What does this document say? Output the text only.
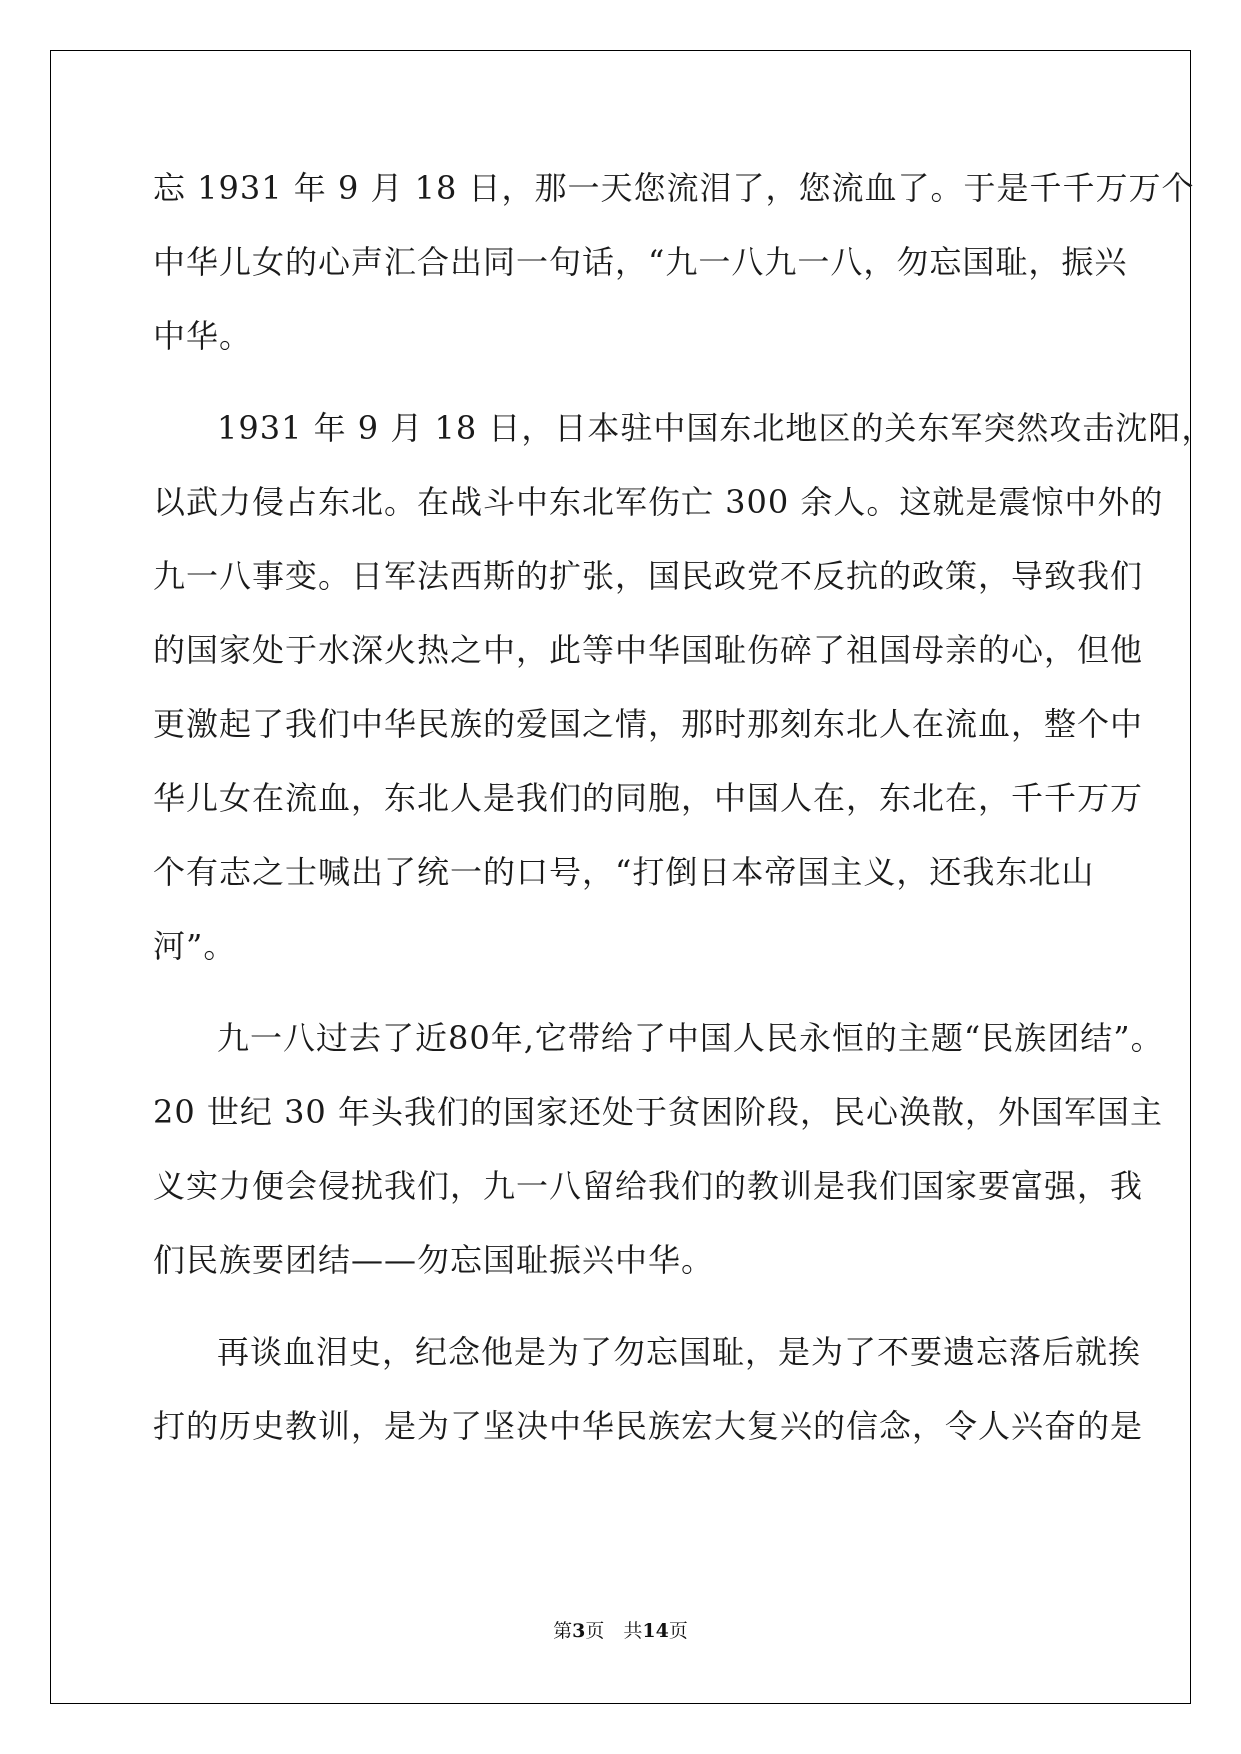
忘 1931 年 9 月 18 日，那一天您流泪了，您流血了。于是千千万万个
中华儿女的心声汇合出同一句话，“九一八九一八，勿忘国耻，振兴
中华。
1931 年 9 月 18 日，日本驻中国东北地区的关东军突然攻击沈阳，
以武力侵占东北。在战斗中东北军伤亡 300 余人。这就是震惊中外的
九一八事变。日军法西斯的扩张，国民政党不反抗的政策，导致我们
的国家处于水深火热之中，此等中华国耻伤碎了祖国母亲的心，但他
更激起了我们中华民族的爱国之情，那时那刻东北人在流血，整个中
华儿女在流血，东北人是我们的同胞，中国人在，东北在，千千万万
个有志之士喊出了统一的口号，“打倒日本帝国主义，还我东北山
河”。
九一八过去了近80年,它带给了中国人民永恒的主题“民族团结”。
20 世纪 30 年头我们的国家还处于贫困阶段，民心涣散，外国军国主
义实力便会侵扰我们，九一八留给我们的教训是我们国家要富强，我
们民族要团结——勿忘国耻振兴中华。
再谈血泪史，纪念他是为了勿忘国耻，是为了不要遗忘落后就挨
打的历史教训，是为了坚决中华民族宏大复兴的信念，令人兴奋的是
第3页　共14页
